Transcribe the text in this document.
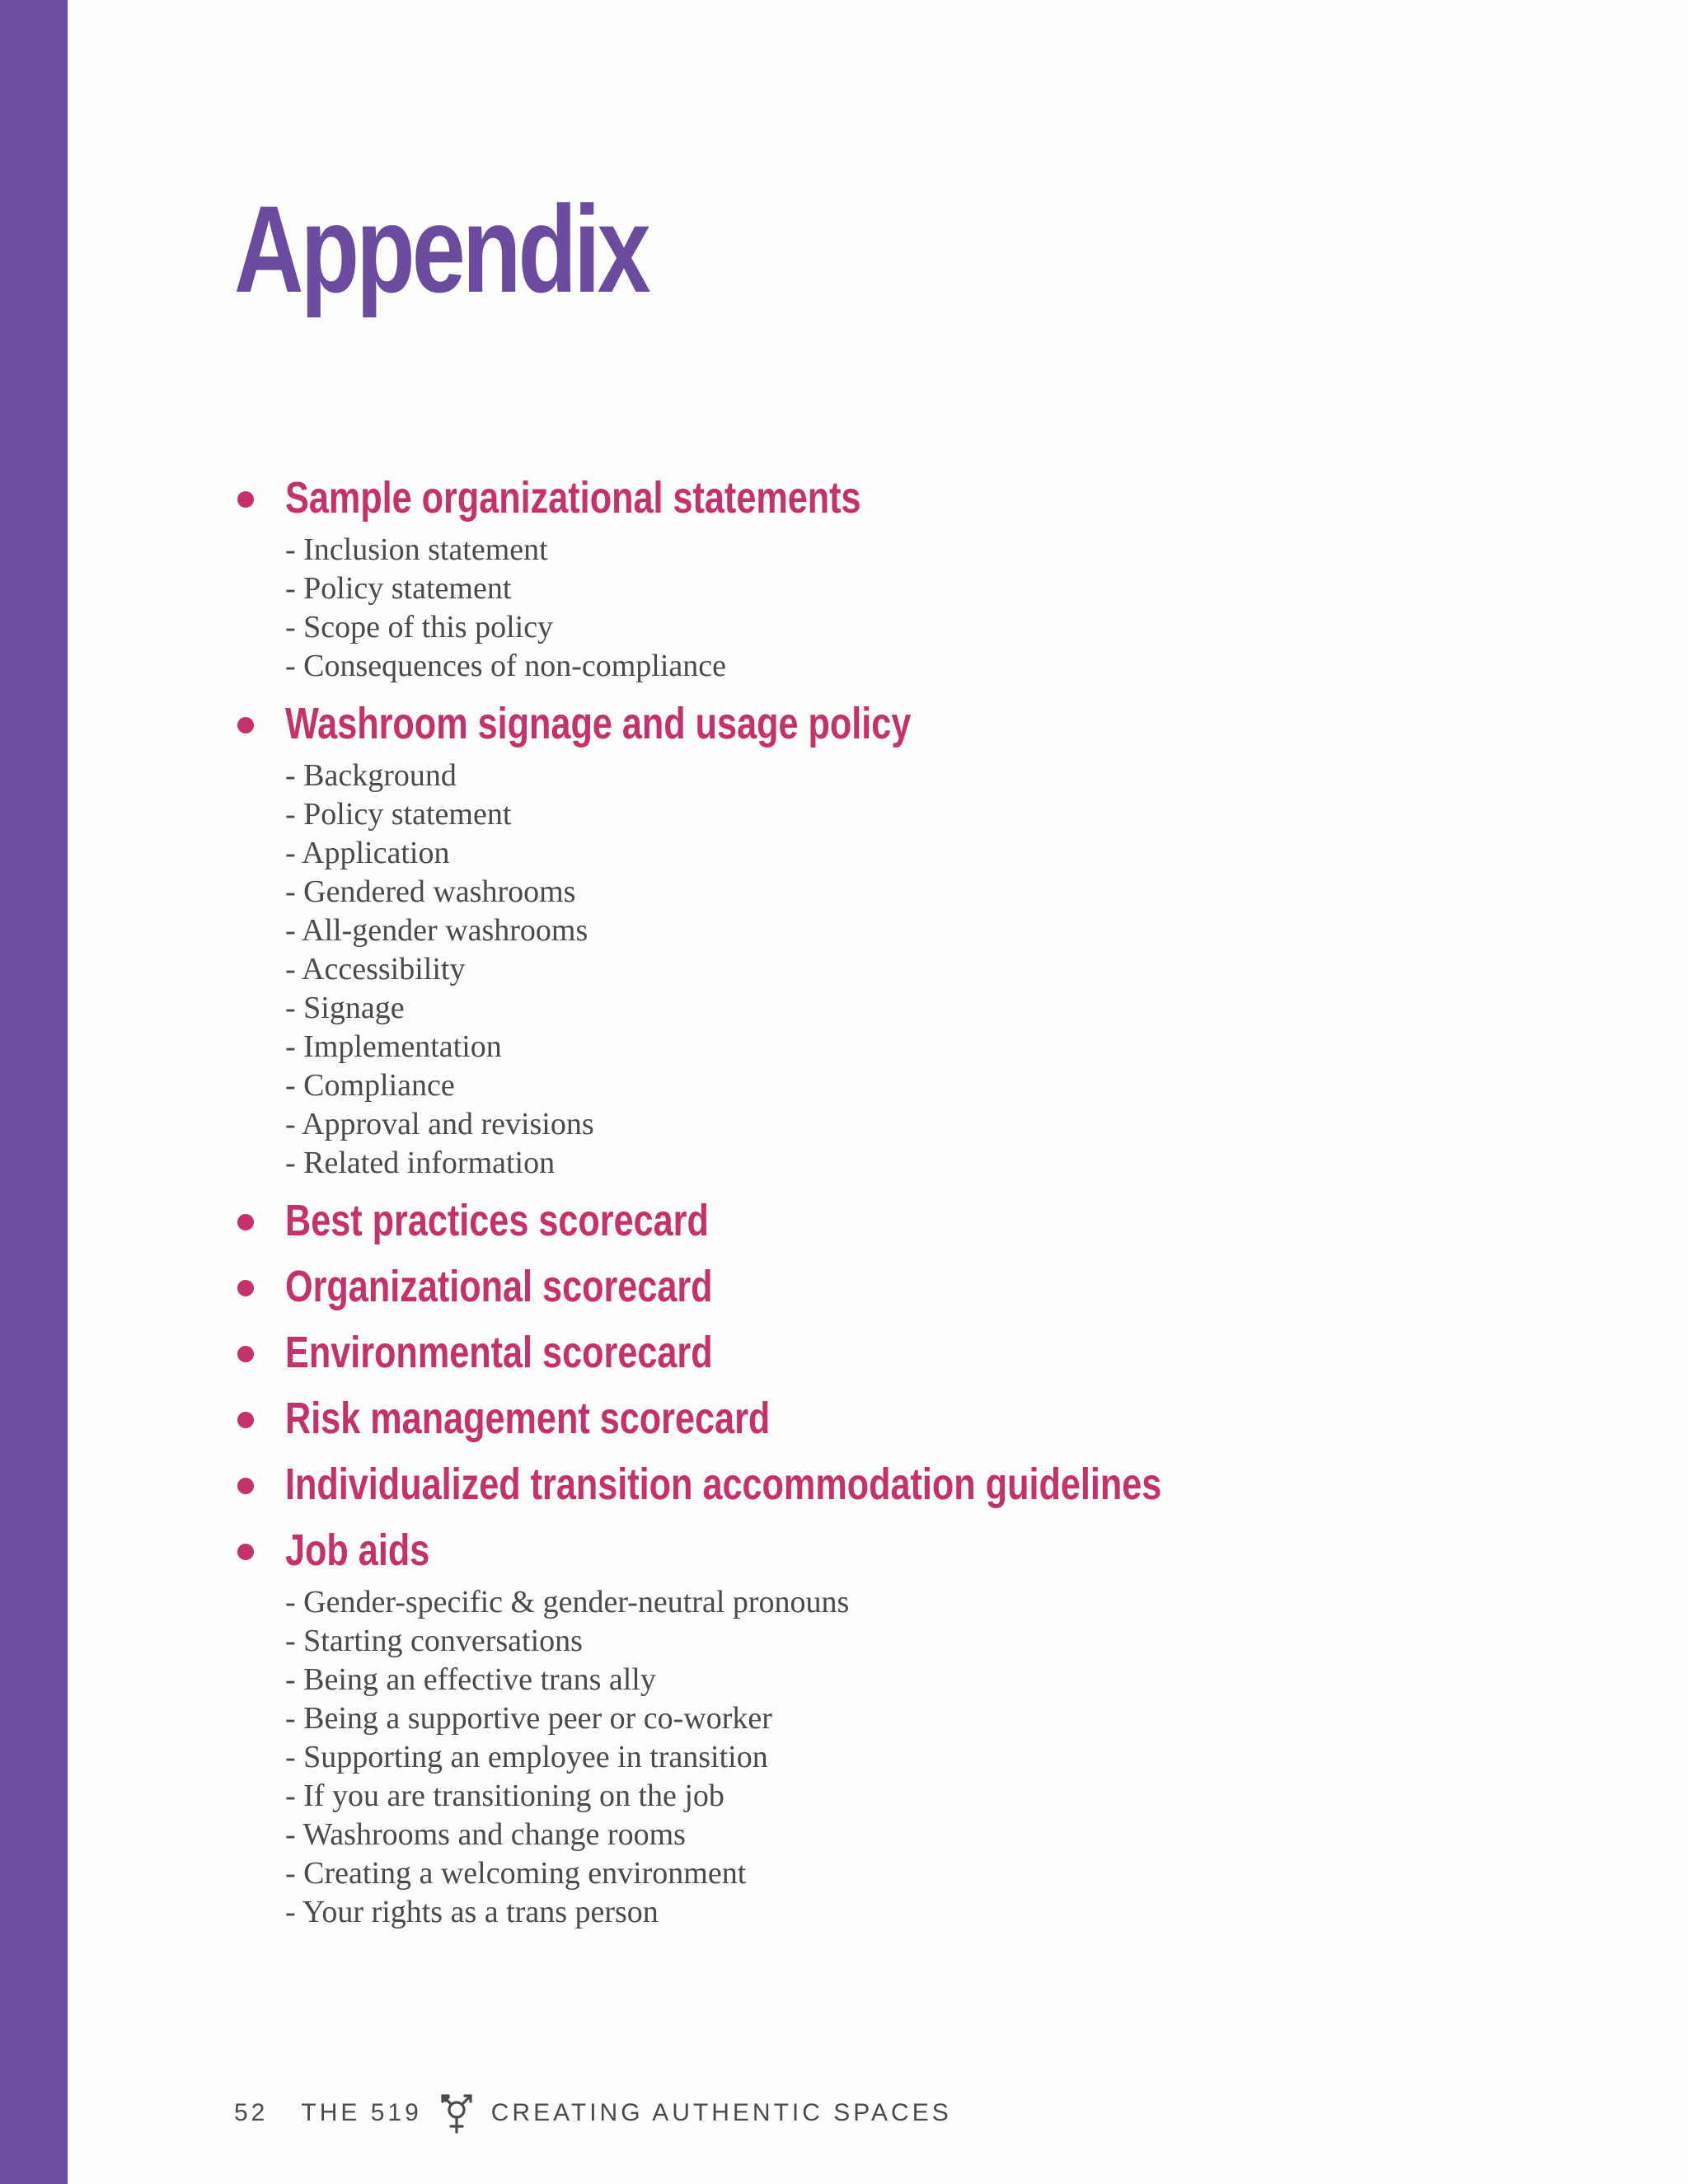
Appendix
Sample organizational statements
- Inclusion statement
- Policy statement
- Scope of this policy
- Consequences of non-compliance
Washroom signage and usage policy
- Background
- Policy statement
- Application
- Gendered washrooms
- All-gender washrooms
- Accessibility
- Signage
- Implementation
- Compliance
- Approval and revisions
- Related information
Best practices scorecard
Organizational scorecard
Environmental scorecard
Risk management scorecard
Individualized transition accommodation guidelines
Job aids
- Gender-specific & gender-neutral pronouns
- Starting conversations
- Being an effective trans ally
- Being a supportive peer or co-worker
- Supporting an employee in transition
- If you are transitioning on the job
- Washrooms and change rooms
- Creating a welcoming environment
- Your rights as a trans person
52 THE 519	CREATING AUTHENTIC SPACES
